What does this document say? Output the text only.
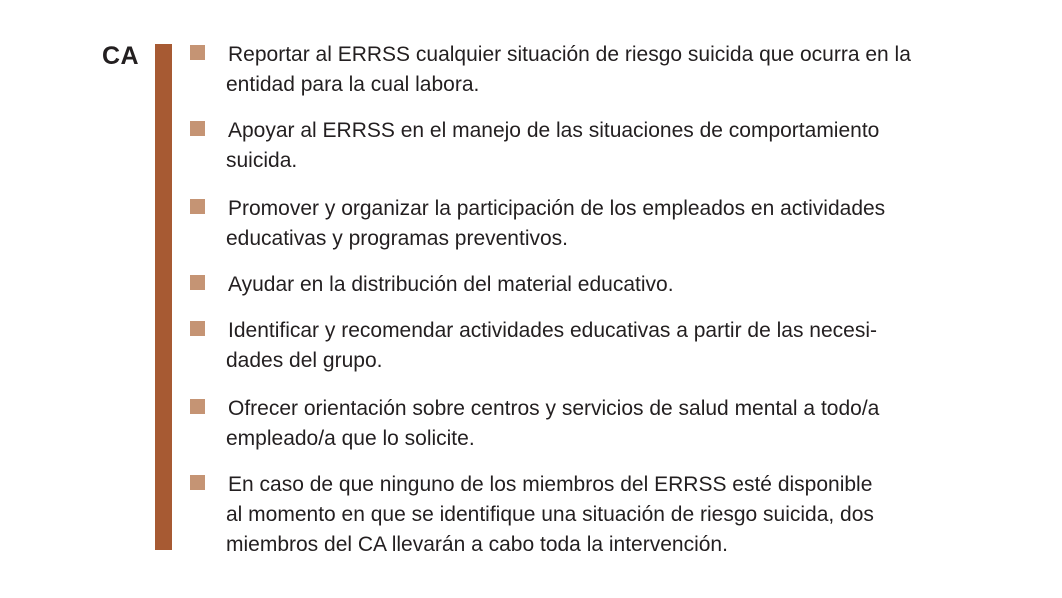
CA	Reportar al ERRSS cualquier situación de riesgo suicida que ocurra en la
entidad para la cual labora.
Apoyar al ERRSS en el manejo de las situaciones de comportamiento
suicida.
Promover y organizar la participación de los empleados en actividades
educativas y programas preventivos.
Ayudar en la distribución del material educativo.
Identificar y recomendar actividades educativas a partir de las necesi-
dades del grupo.
Ofrecer orientación sobre centros y servicios de salud mental a todo/a
empleado/a que lo solicite.
En caso de que ninguno de los miembros del ERRSS esté disponible
al momento en que se identifique una situación de riesgo suicida, dos
miembros del CA llevarán a cabo toda la intervención.
